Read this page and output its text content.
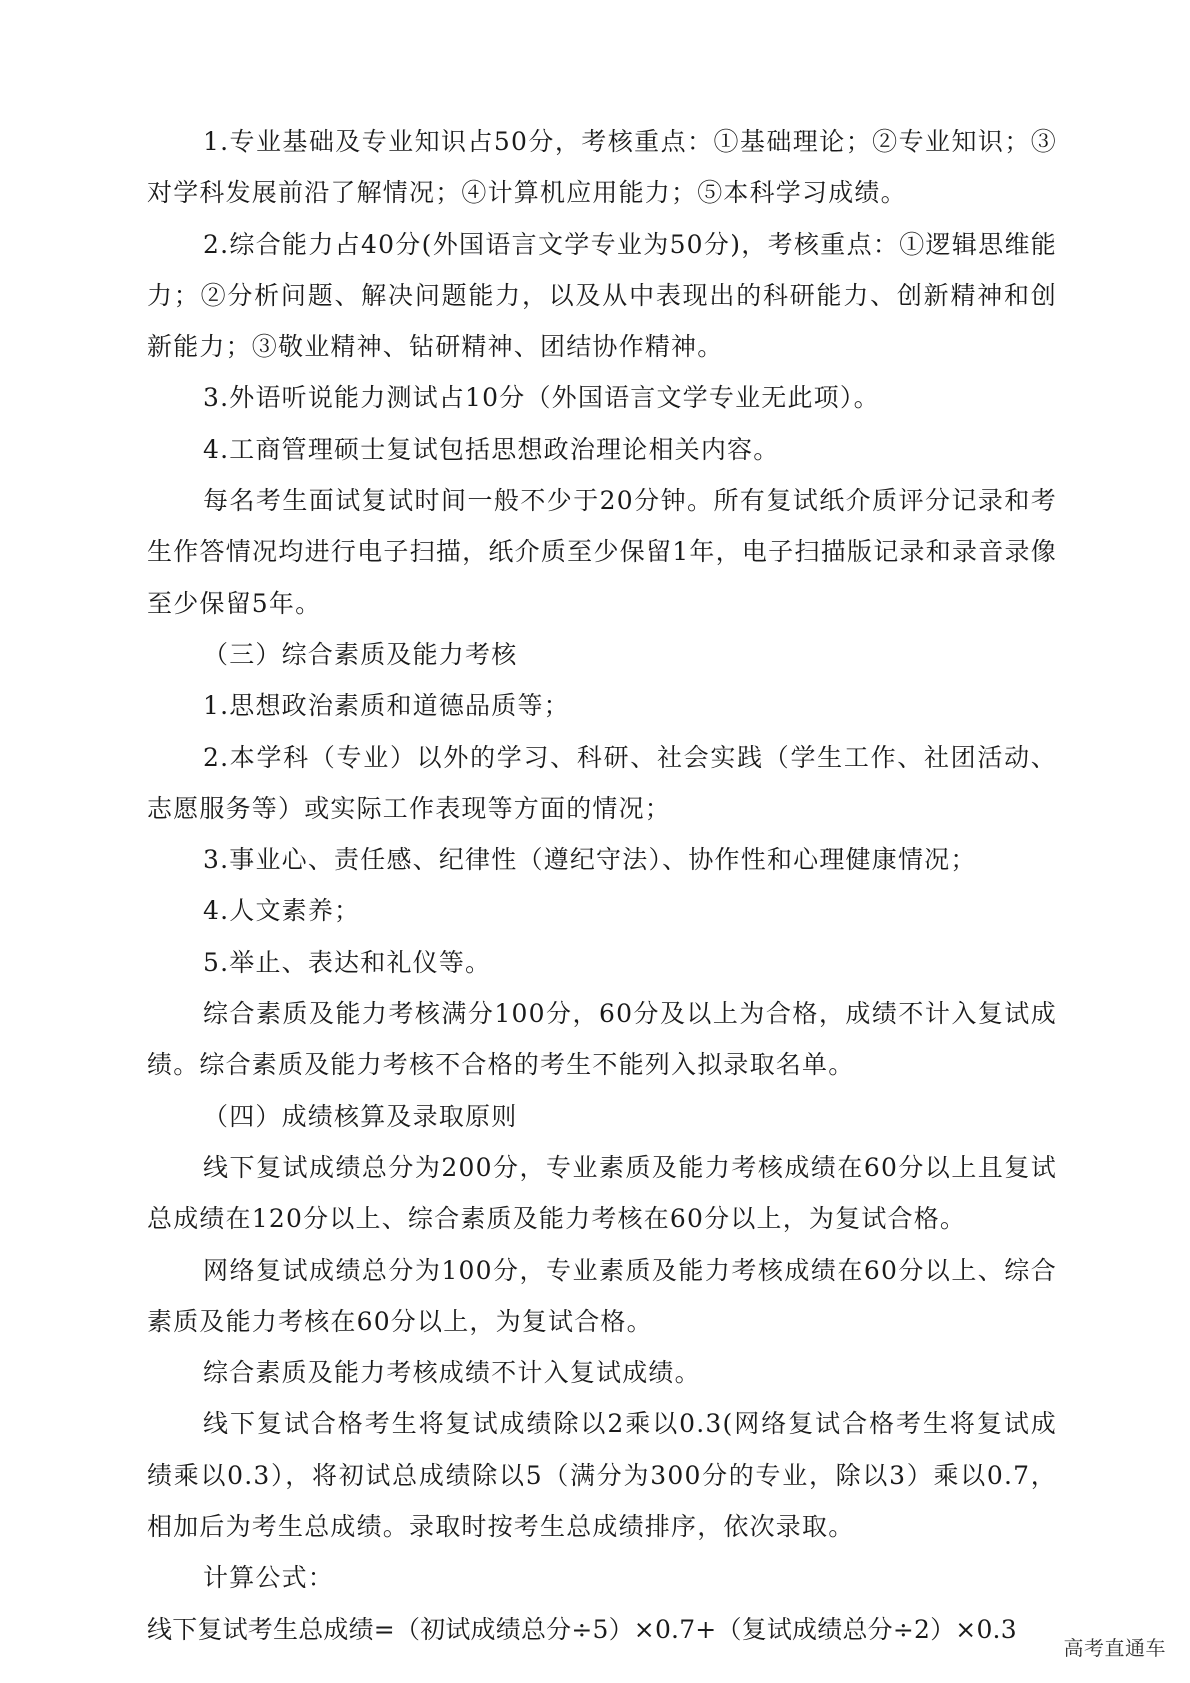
1.专业基础及专业知识占50分，考核重点：①基础理论；②专业知识；③对学科发展前沿了解情况；④计算机应用能力；⑤本科学习成绩。

2.综合能力占40分(外国语言文学专业为50分)，考核重点：①逻辑思维能力；②分析问题、解决问题能力，以及从中表现出的科研能力、创新精神和创新能力；③敬业精神、钻研精神、团结协作精神。

3.外语听说能力测试占10分（外国语言文学专业无此项）。

4.工商管理硕士复试包括思想政治理论相关内容。

每名考生面试复试时间一般不少于20分钟。所有复试纸介质评分记录和考生作答情况均进行电子扫描，纸介质至少保留1年，电子扫描版记录和录音录像至少保留5年。

（三）综合素质及能力考核

1.思想政治素质和道德品质等；

2.本学科（专业）以外的学习、科研、社会实践（学生工作、社团活动、志愿服务等）或实际工作表现等方面的情况；

3.事业心、责任感、纪律性（遵纪守法）、协作性和心理健康情况；

4.人文素养；

5.举止、表达和礼仪等。

综合素质及能力考核满分100分，60分及以上为合格，成绩不计入复试成绩。综合素质及能力考核不合格的考生不能列入拟录取名单。

（四）成绩核算及录取原则

线下复试成绩总分为200分，专业素质及能力考核成绩在60分以上且复试总成绩在120分以上、综合素质及能力考核在60分以上，为复试合格。

网络复试成绩总分为100分，专业素质及能力考核成绩在60分以上、综合素质及能力考核在60分以上，为复试合格。

综合素质及能力考核成绩不计入复试成绩。

线下复试合格考生将复试成绩除以2乘以0.3(网络复试合格考生将复试成绩乘以0.3），将初试总成绩除以5（满分为300分的专业，除以3）乘以0.7，相加后为考生总成绩。录取时按考生总成绩排序，依次录取。

计算公式：

线下复试考生总成绩=（初试成绩总分÷5）×0.7+（复试成绩总分÷2）×0.3

高考直通车
